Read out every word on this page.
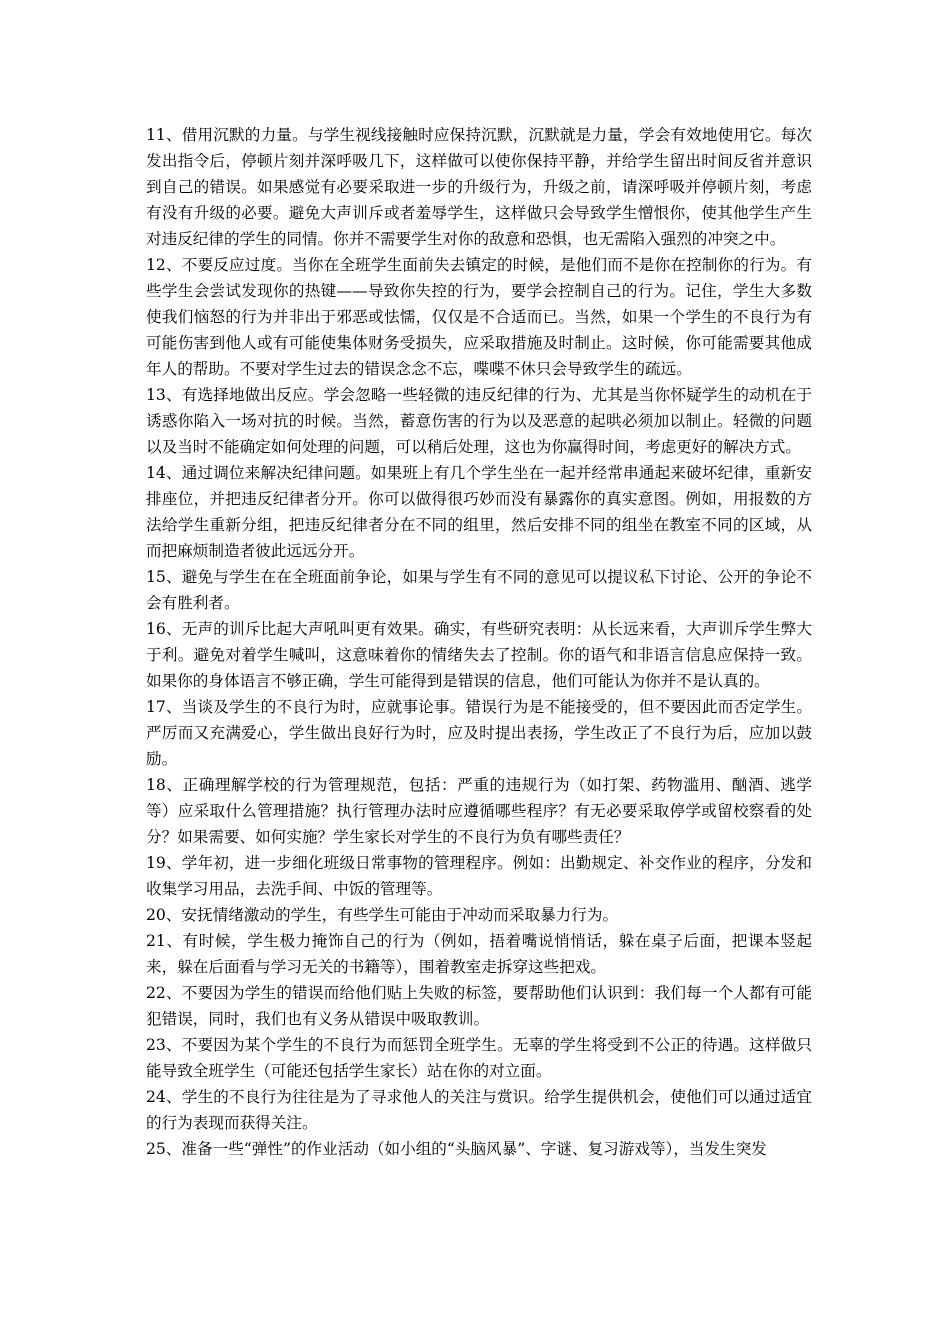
11、借用沉默的力量。与学生视线接触时应保持沉默，沉默就是力量，学会有效地使用它。每次发出指令后，停顿片刻并深呼吸几下，这样做可以使你保持平静，并给学生留出时间反省并意识到自己的错误。如果感觉有必要采取进一步的升级行为，升级之前，请深呼吸并停顿片刻，考虑有没有升级的必要。避免大声训斥或者羞辱学生，这样做只会导致学生憎恨你，使其他学生产生对违反纪律的学生的同情。你并不需要学生对你的敌意和恐惧，也无需陷入强烈的冲突之中。

12、不要反应过度。当你在全班学生面前失去镇定的时候，是他们而不是你在控制你的行为。有些学生会尝试发现你的热键——导致你失控的行为，要学会控制自己的行为。记住，学生大多数使我们恼怒的行为并非出于邪恶或怯懦，仅仅是不合适而已。当然，如果一个学生的不良行为有可能伤害到他人或有可能使集体财务受损失，应采取措施及时制止。这时候，你可能需要其他成年人的帮助。不要对学生过去的错误念念不忘，喋喋不休只会导致学生的疏远。

13、有选择地做出反应。学会忽略一些轻微的违反纪律的行为、尤其是当你怀疑学生的动机在于诱惑你陷入一场对抗的时候。当然，蓄意伤害的行为以及恶意的起哄必须加以制止。轻微的问题以及当时不能确定如何处理的问题，可以稍后处理，这也为你赢得时间，考虑更好的解决方式。

14、通过调位来解决纪律问题。如果班上有几个学生坐在一起并经常串通起来破坏纪律，重新安排座位，并把违反纪律者分开。你可以做得很巧妙而没有暴露你的真实意图。例如，用报数的方法给学生重新分组，把违反纪律者分在不同的组里，然后安排不同的组坐在教室不同的区域，从而把麻烦制造者彼此远远分开。

15、避免与学生在在全班面前争论，如果与学生有不同的意见可以提议私下讨论、公开的争论不会有胜利者。

16、无声的训斥比起大声吼叫更有效果。确实，有些研究表明：从长远来看，大声训斥学生弊大于利。避免对着学生喊叫，这意味着你的情绪失去了控制。你的语气和非语言信息应保持一致。如果你的身体语言不够正确，学生可能得到是错误的信息，他们可能认为你并不是认真的。

17、当谈及学生的不良行为时，应就事论事。错误行为是不能接受的，但不要因此而否定学生。严厉而又充满爱心，学生做出良好行为时，应及时提出表扬，学生改正了不良行为后，应加以鼓励。

18、正确理解学校的行为管理规范，包括：严重的违规行为（如打架、药物滥用、酗酒、逃学等）应采取什么管理措施？执行管理办法时应遵循哪些程序？有无必要采取停学或留校察看的处分？如果需要、如何实施？学生家长对学生的不良行为负有哪些责任？

19、学年初，进一步细化班级日常事物的管理程序。例如：出勤规定、补交作业的程序，分发和收集学习用品，去洗手间、中饭的管理等。

20、安抚情绪激动的学生，有些学生可能由于冲动而采取暴力行为。

21、有时候，学生极力掩饰自己的行为（例如，捂着嘴说悄悄话，躲在桌子后面，把课本竖起来，躲在后面看与学习无关的书籍等），围着教室走拆穿这些把戏。

22、不要因为学生的错误而给他们贴上失败的标签，要帮助他们认识到：我们每一个人都有可能犯错误，同时，我们也有义务从错误中吸取教训。

23、不要因为某个学生的不良行为而惩罚全班学生。无辜的学生将受到不公正的待遇。这样做只能导致全班学生（可能还包括学生家长）站在你的对立面。

24、学生的不良行为往往是为了寻求他人的关注与赏识。给学生提供机会，使他们可以通过适宜的行为表现而获得关注。

25、准备一些“弹性”的作业活动（如小组的“头脑风暴”、字谜、复习游戏等），当发生突发
